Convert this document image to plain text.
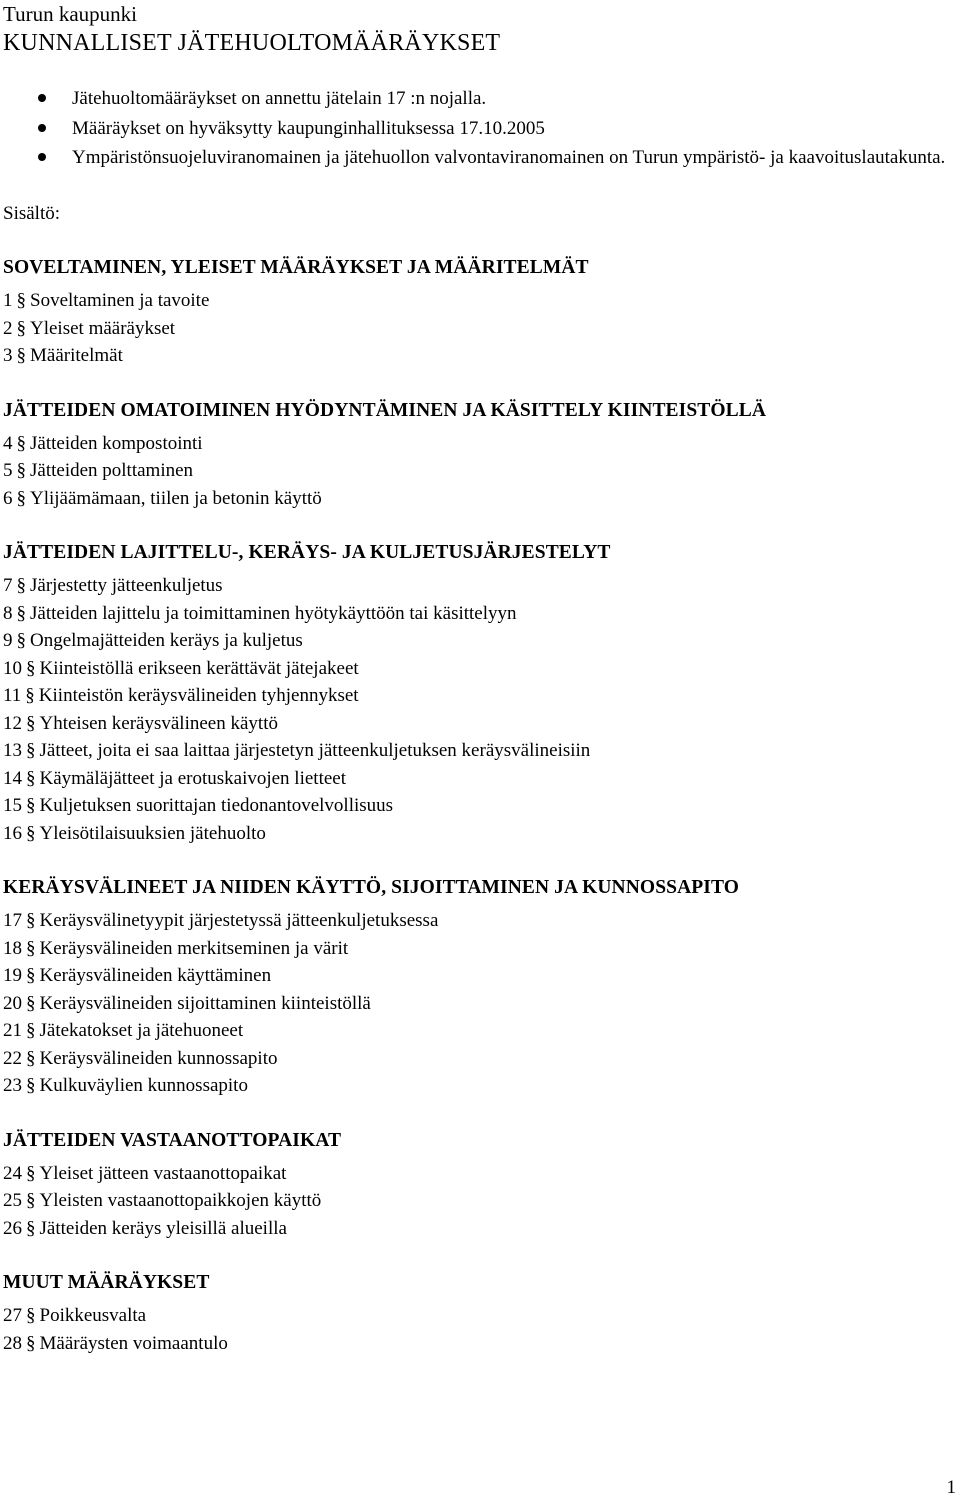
Turun kaupunki
KUNNALLISET JÄTEHUOLTOMÄÄRÄYKSET
Jätehuoltomääräykset on annettu jätelain 17 :n nojalla.
Määräykset on hyväksytty kaupunginhallituksessa 17.10.2005
Ympäristönsuojeluviranomainen ja jätehuollon valvontaviranomainen on Turun ympäristö- ja kaavoituslautakunta.
Sisältö:
SOVELTAMINEN, YLEISET MÄÄRÄYKSET JA MÄÄRITELMÄT
1 § Soveltaminen ja tavoite
2 § Yleiset määräykset
3 § Määritelmät
JÄTTEIDEN OMATOIMINEN HYÖDYNTÄMINEN JA KÄSITTELY KIINTEISTÖLLÄ
4 § Jätteiden kompostointi
5 § Jätteiden polttaminen
6 § Ylijäämämaan, tiilen ja betonin käyttö
JÄTTEIDEN LAJITTELU-, KERÄYS- JA KULJETUSJÄRJESTELYT
7 § Järjestetty jätteenkuljetus
8 § Jätteiden lajittelu ja toimittaminen hyötykäyttöön tai käsittelyyn
9 § Ongelmajätteiden keräys ja kuljetus
10 § Kiinteistöllä erikseen kerättävät jätejakeet
11 § Kiinteistön keräysvälineiden tyhjennykset
12 § Yhteisen keräysvälineen käyttö
13 § Jätteet, joita ei saa laittaa järjestetyn jätteenkuljetuksen keräysvälineisiin
14 § Käymäläjätteet ja erotuskaivojen lietteet
15 § Kuljetuksen suorittajan tiedonantovelvollisuus
16 § Yleisötilaisuuksien jätehuolto
KERÄYSVÄLINEET JA NIIDEN KÄYTTÖ, SIJOITTAMINEN JA KUNNOSSAPITO
17 § Keräysvälinetyypit järjestetyssä jätteenkuljetuksessa
18 § Keräysvälineiden merkitseminen ja värit
19 § Keräysvälineiden käyttäminen
20 § Keräysvälineiden sijoittaminen kiinteistöllä
21 § Jätekatokset ja jätehuoneet
22 § Keräysvälineiden kunnossapito
23 § Kulkuväylien kunnossapito
JÄTTEIDEN VASTAANOTTOPAIKAT
24 § Yleiset jätteen vastaanottopaikat
25 § Yleisten vastaanottopaikkojen käyttö
26 § Jätteiden keräys yleisillä alueilla
MUUT MÄÄRÄYKSET
27 § Poikkeusvalta
28 § Määräysten voimaantulo
1
